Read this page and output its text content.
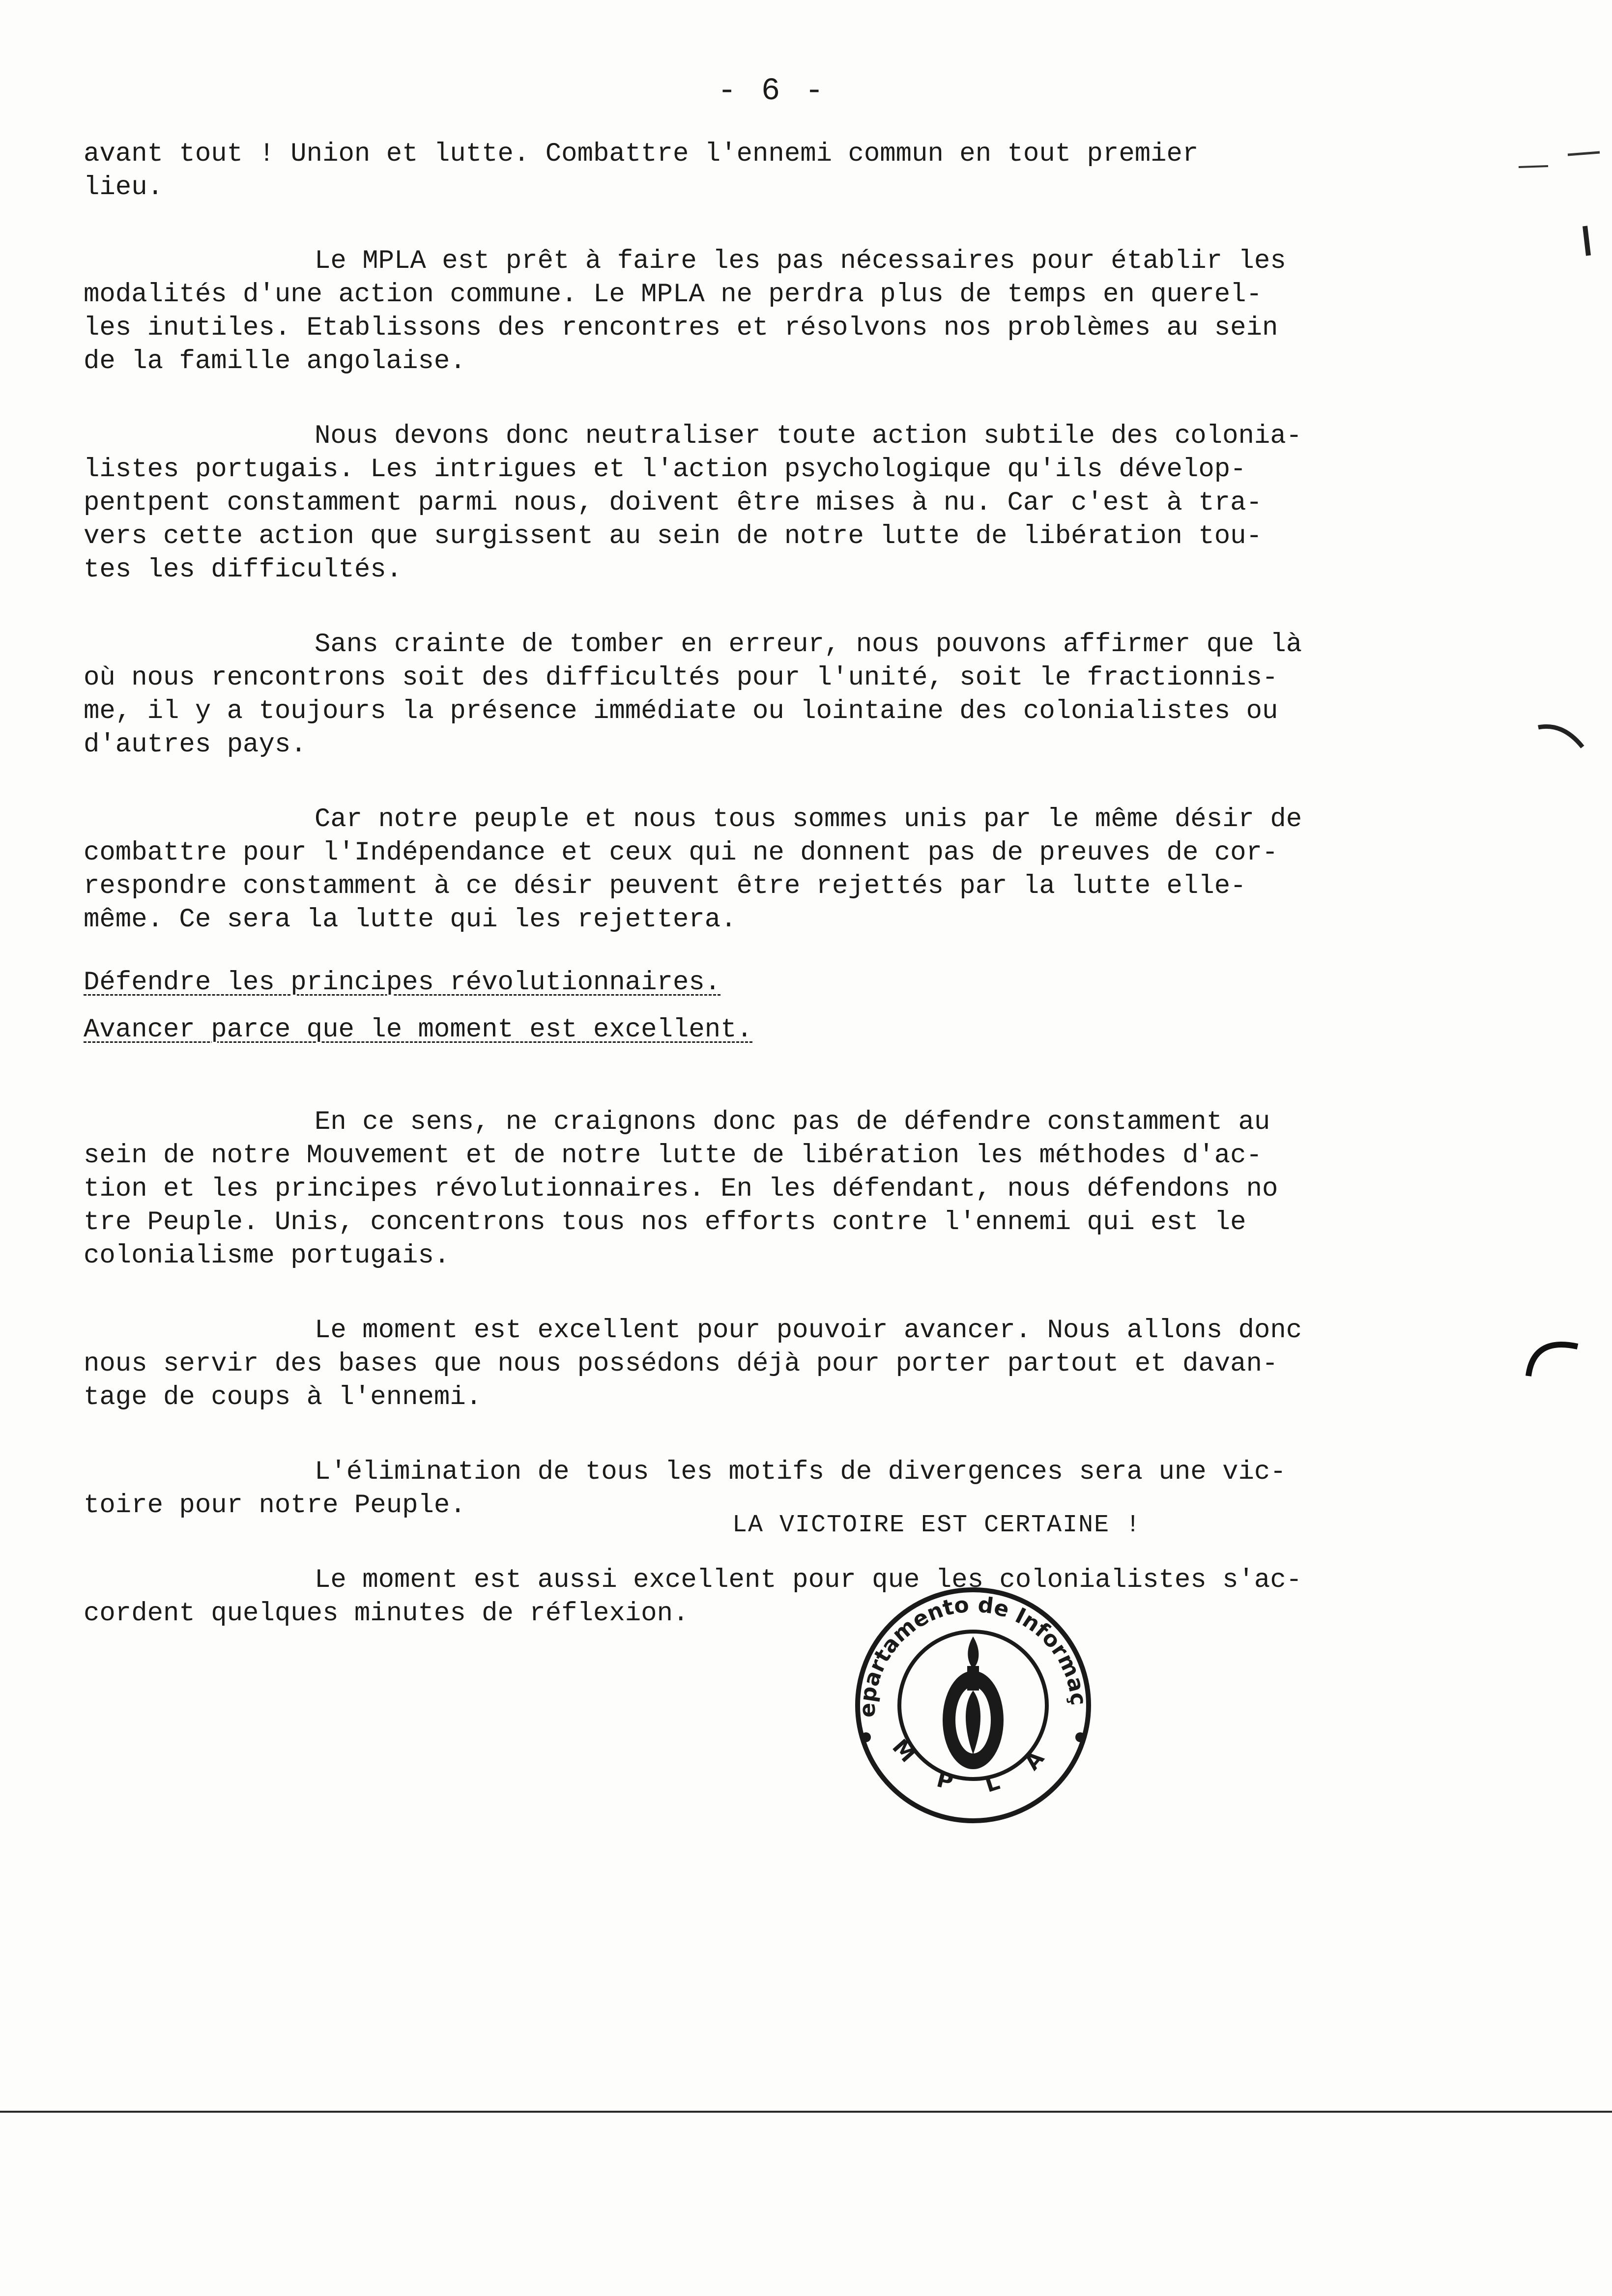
- 6 -

avant tout ! Union et lutte. Combattre l'ennemi commun en tout premier
lieu.

Le MPLA est prêt à faire les pas nécessaires pour établir les
modalités d'une action commune. Le MPLA ne perdra plus de temps en querel-
les inutiles. Etablissons des rencontres et résolvons nos problèmes au sein
de la famille angolaise.

Nous devons donc neutraliser toute action subtile des colonia-
listes portugais. Les intrigues et l'action psychologique qu'ils dévelop-
pentpent constamment parmi nous, doivent être mises à nu. Car c'est à tra-
vers cette action que surgissent au sein de notre lutte de libération tou-
tes les difficultés.

Sans crainte de tomber en erreur, nous pouvons affirmer que là
où nous rencontrons soit des difficultés pour l'unité, soit le fractionnis-
me, il y a toujours la présence immédiate ou lointaine des colonialistes ou
d'autres pays.

Car notre peuple et nous tous sommes unis par le même désir de
combattre pour l'Indépendance et ceux qui ne donnent pas de preuves de cor-
respondre constamment à ce désir peuvent être rejettés par la lutte elle-
même. Ce sera la lutte qui les rejettera.

Défendre les principes révolutionnaires.
Avancer parce que le moment est excellent.

En ce sens, ne craignons donc pas de défendre constamment au
sein de notre Mouvement et de notre lutte de libération les méthodes d'ac-
tion et les principes révolutionnaires. En les défendant, nous défendons no
tre Peuple. Unis, concentrons tous nos efforts contre l'ennemi qui est le
colonialisme portugais.

Le moment est excellent pour pouvoir avancer. Nous allons donc
nous servir des bases que nous possédons déjà pour porter partout et davan-
tage de coups à l'ennemi.

L'élimination de tous les motifs de divergences sera une vic-
toire pour notre Peuple.

Le moment est aussi excellent pour que les colonialistes s'ac-
cordent quelques minutes de réflexion.

LA VICTOIRE EST CERTAINE !
epartamento de Informaç
M P L A
